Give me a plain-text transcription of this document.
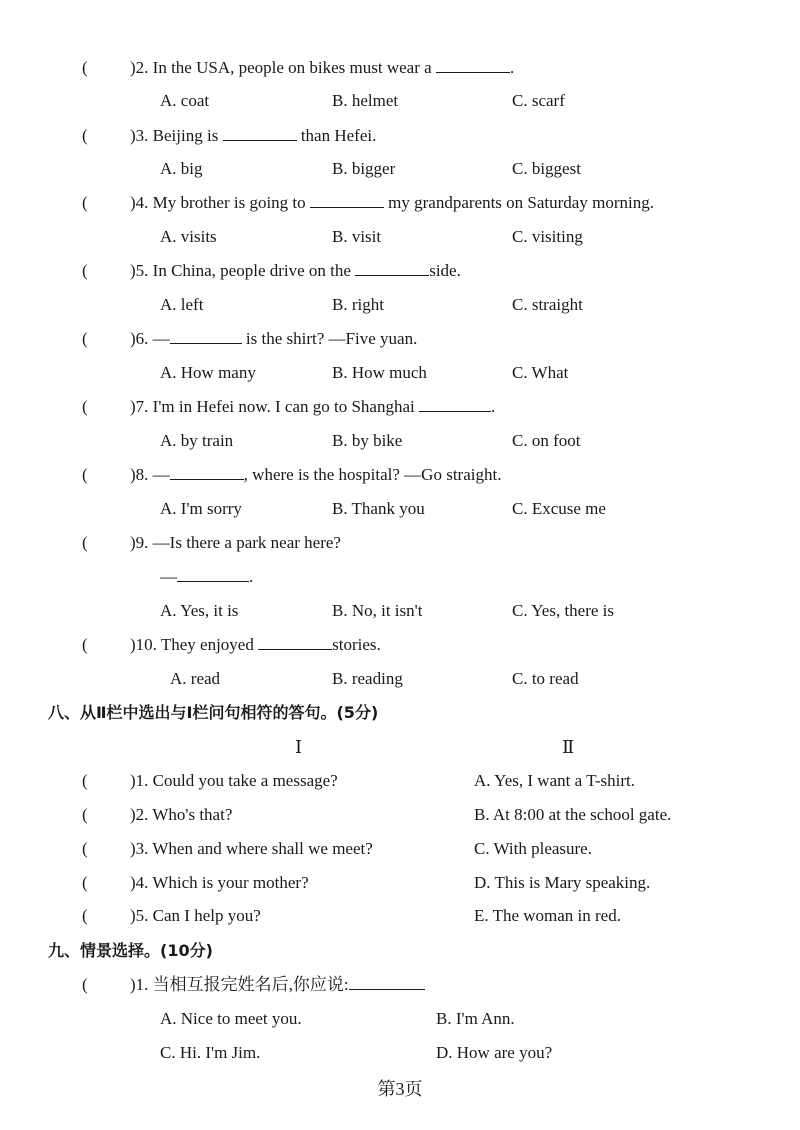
( )2. In the USA, people on bikes must wear a	.
A. coat	B. helmet	C. scarf
( )3. Beijing is	than Hefei.
A. big	B. bigger	C. biggest
( )4. My brother is going to	my grandparents on Saturday morning.
A. visits	B. visit	C. visiting
( )5. In China, people drive on the	side.
A. left	B. right	C. straight
( )6. —	is the shirt? —Five yuan.
A. How many	B. How much	C. What
( )7. I'm in Hefei now. I can go to Shanghai	.
A. by train	B. by bike	C. on foot
( )8. —	, where is the hospital? —Go straight.
A. I'm sorry	B. Thank you	C. Excuse me
( )9. —Is there a park near here?
—	.
A. Yes, it is	B. No, it isn't	C. Yes, there is
( )10. They enjoyed	stories.
A. read	B. reading	C. to read
八、从Ⅱ栏中选出与Ⅰ栏问句相符的答句。(5分)
Ⅰ	Ⅱ
( )1. Could you take a message?	A. Yes, I want a T-shirt.
( )2. Who's that?	B. At 8:00 at the school gate.
( )3. When and where shall we meet?	C. With pleasure.
( )4. Which is your mother?	D. This is Mary speaking.
( )5. Can I help you?	E. The woman in red.
九、情景选择。(10分)
( )1. 当相互报完姓名后,你应说:
A. Nice to meet you.	B. I'm Ann.
C. Hi. I'm Jim.	D. How are you?
第3页
